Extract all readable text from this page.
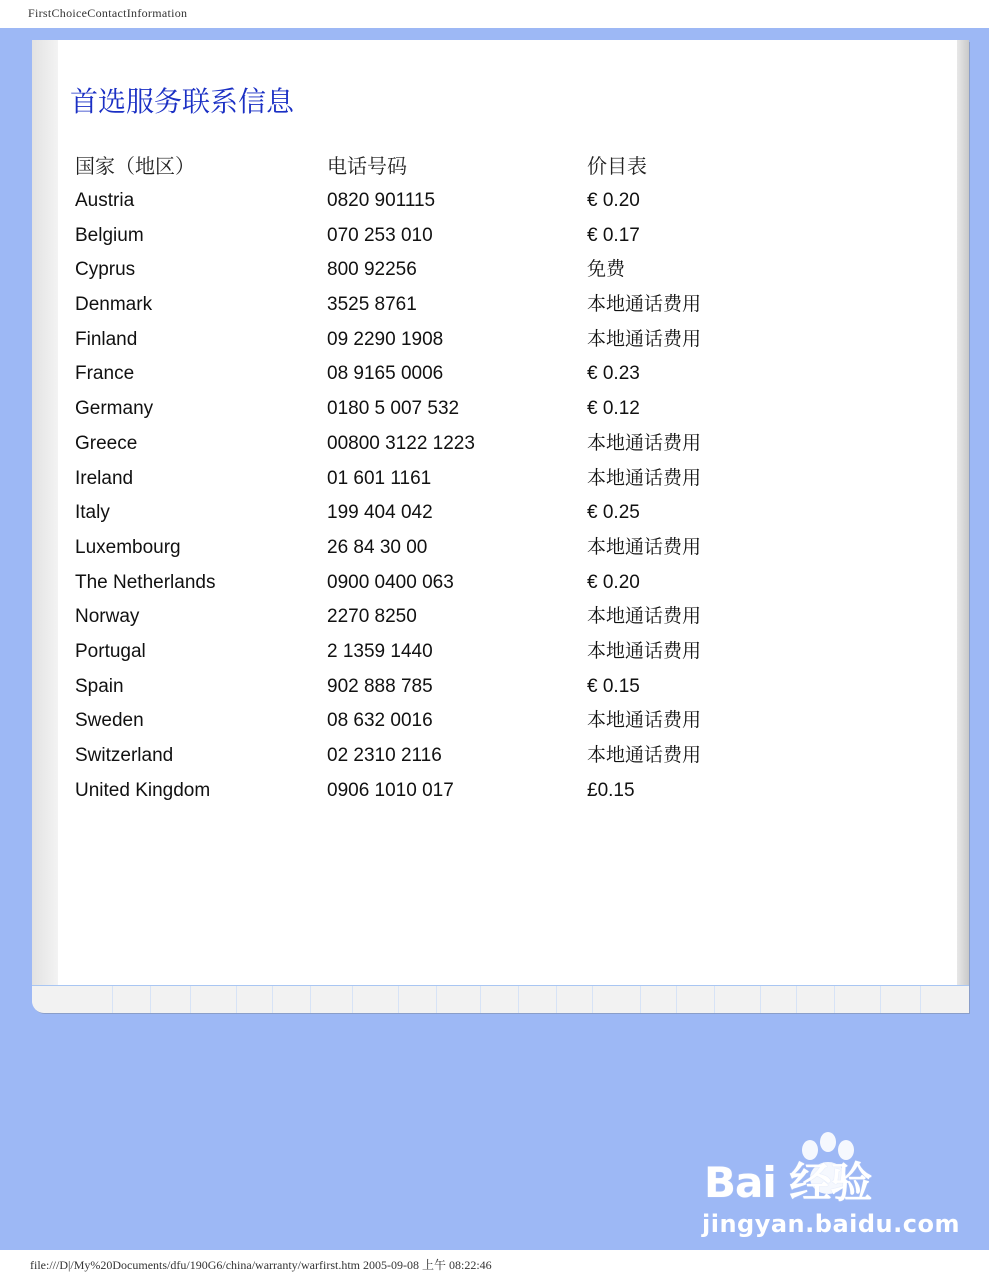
FirstChoiceContactInformation
首选服务联系信息
国家（地区）	电话号码	价目表
Austria	0820 901115	€ 0.20
Belgium	070 253 010	€ 0.17
Cyprus	800 92256	免费
Denmark	3525 8761	本地通话费用
Finland	09 2290 1908	本地通话费用
France	08 9165 0006	€ 0.23
Germany	0180 5 007 532	€ 0.12
Greece	00800 3122 1223	本地通话费用
Ireland	01 601 1161	本地通话费用
Italy	199 404 042	€ 0.25
Luxembourg	26 84 30 00	本地通话费用
The Netherlands	0900 0400 063	€ 0.20
Norway	2270 8250	本地通话费用
Portugal	2 1359 1440	本地通话费用
Spain	902 888 785	€ 0.15
Sweden	08 632 0016	本地通话费用
Switzerland	02 2310 2116	本地通话费用
United Kingdom	0906 1010 017	£0.15
Bai 经验
jingyan.baidu.com
file:///D|/My%20Documents/dfu/190G6/china/warranty/warfirst.htm 2005-09-08 上午 08:22:46
